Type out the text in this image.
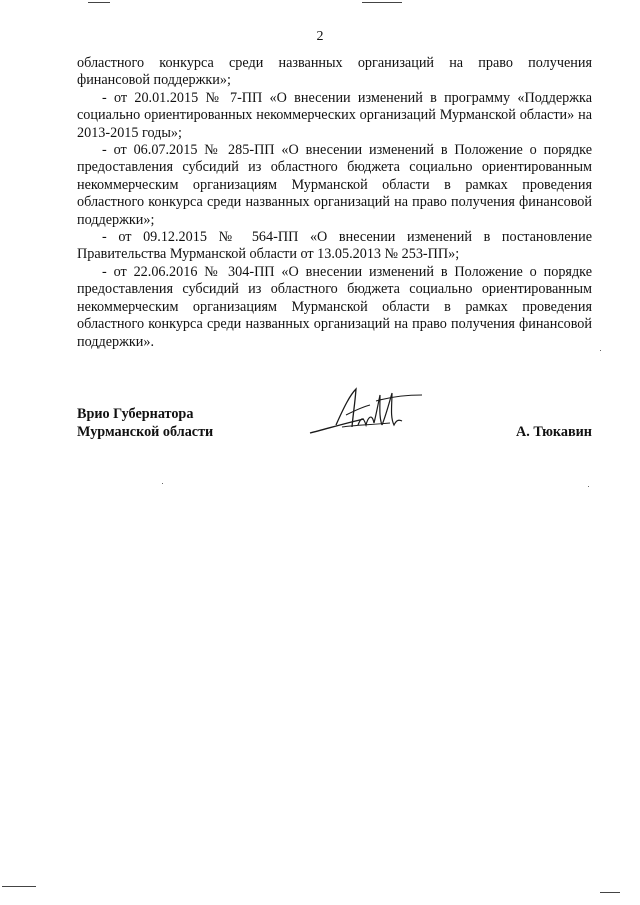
2

областного конкурса среди названных организаций на право получения

финансовой поддержки»;

- от 20.01.2015 № 7-ПП «О внесении изменений в программу «Поддержка социально ориентированных некоммерческих организаций Мурманской области» на 2013-2015 годы»;

- от 06.07.2015 № 285-ПП «О внесении изменений в Положение о порядке предоставления субсидий из областного бюджета социально ориентированным некоммерческим организациям Мурманской области в рамках проведения областного конкурса среди названных организаций на право получения финансовой поддержки»;

- от 09.12.2015 № 564-ПП «О внесении изменений в постановление Правительства Мурманской области от 13.05.2013 № 253-ПП»;

- от 22.06.2016 № 304-ПП «О внесении изменений в Положение о порядке предоставления субсидий из областного бюджета социально ориентированным некоммерческим организациям Мурманской области в рамках проведения областного конкурса среди названных организаций на право получения финансовой поддержки».

Врио Губернатора
Мурманской области	А. Тюкавин
